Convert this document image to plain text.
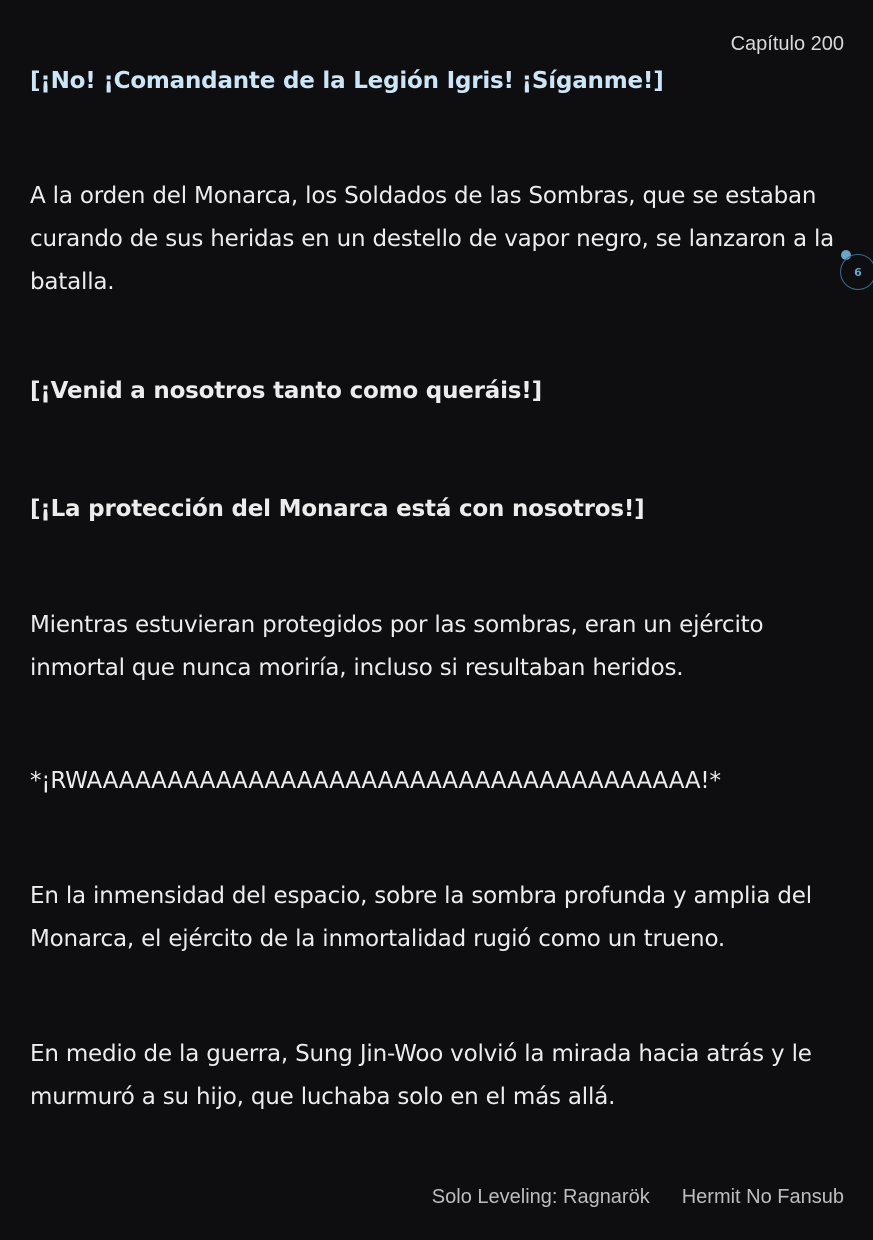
Capítulo 200

[¡No! ¡Comandante de la Legión Igris! ¡Síganme!]

A la orden del Monarca, los Soldados de las Sombras, que se estaban curando de sus heridas en un destello de vapor negro, se lanzaron a la batalla.

[¡Venid a nosotros tanto como queráis!]

[¡La protección del Monarca está con nosotros!]

Mientras estuvieran protegidos por las sombras, eran un ejército inmortal que nunca moriría, incluso si resultaban heridos.

*¡RWAAAAAAAAAAAAAAAAAAAAAAAAAAAAAAAAAAAAAA!*

En la inmensidad del espacio, sobre la sombra profunda y amplia del Monarca, el ejército de la inmortalidad rugió como un trueno.

En medio de la guerra, Sung Jin-Woo volvió la mirada hacia atrás y le murmuró a su hijo, que luchaba solo en el más allá.

6
Solo Leveling: Ragnarök Hermit No Fansub
